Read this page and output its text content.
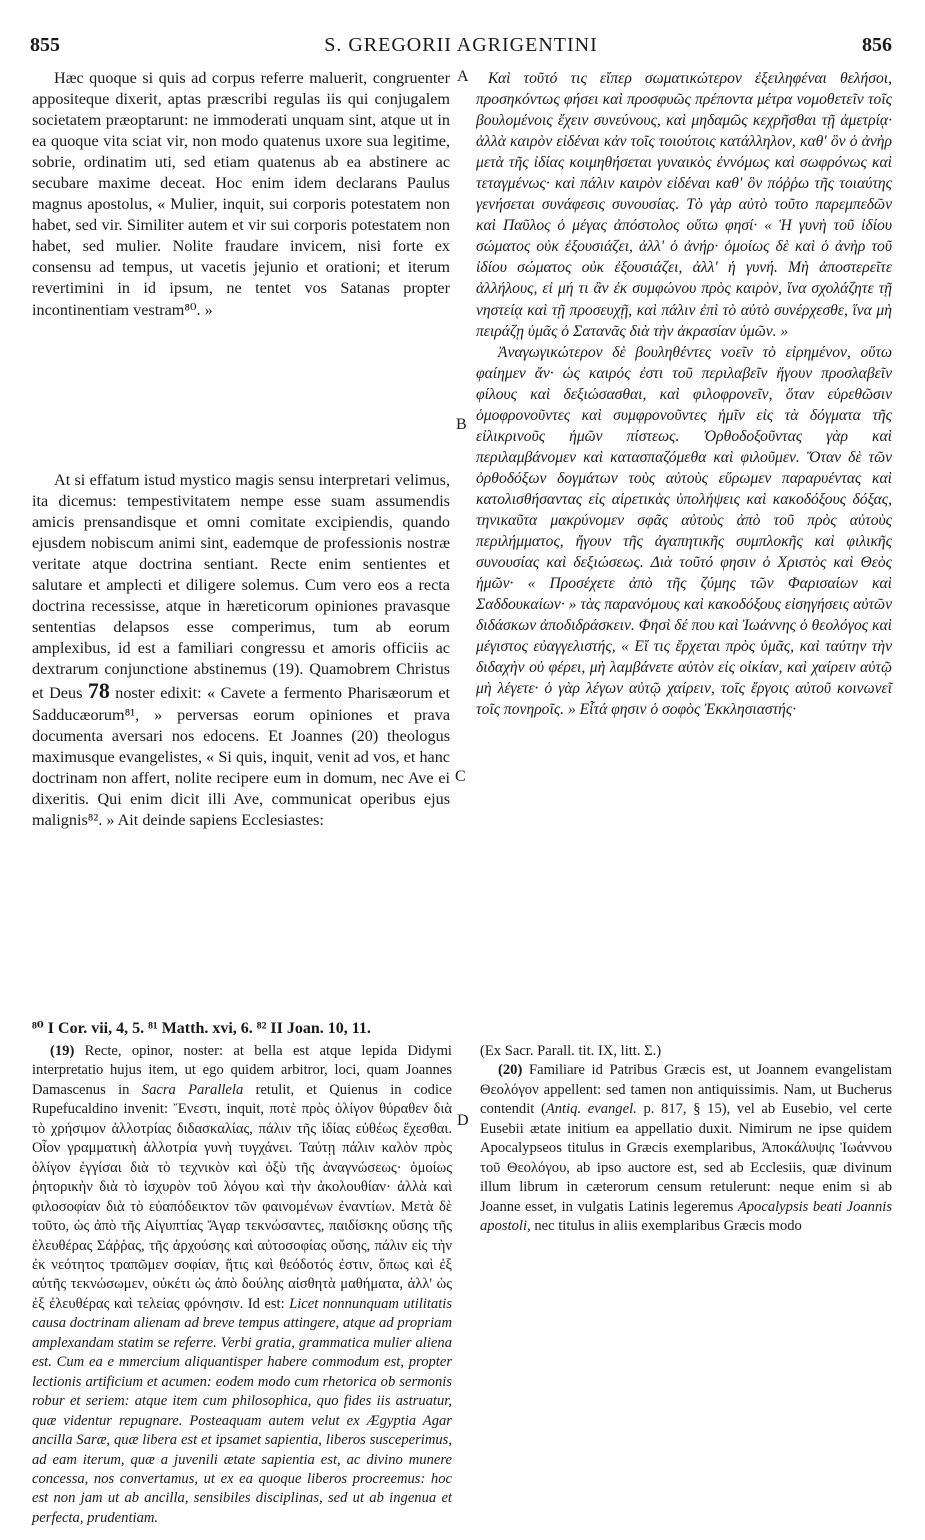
855	S. GREGORII AGRIGENTINI	856

Hæc quoque si quis ad corpus referre maluerit, congruenter appositeque dixerit, aptas præscribi regulas iis qui conjugalem societatem præoptarunt: ne immoderati unquam sint, atque ut in ea quoque vita sciat vir, non modo quatenus uxore sua legitime, sobrie, ordinatim uti, sed etiam quatenus ab ea abstinere ac secubare maxime deceat. Hoc enim idem declarans Paulus magnus apostolus, « Mulier, inquit, sui corporis potestatem non habet, sed vir. Similiter autem et vir sui corporis potestatem non habet, sed mulier. Nolite fraudare invicem, nisi forte ex consensu ad tempus, ut vacetis jejunio et orationi; et iterum revertimini in id ipsum, ne tentet vos Satanas propter incontinentiam vestram⁸⁰. »

At si effatum istud mystico magis sensu interpretari velimus, ita dicemus: tempestivitatem nempe esse suam assumendis amicis prensandisque et omni comitate excipiendis, quando ejusdem nobiscum animi sint, eademque de professionis nostræ veritate atque doctrina sentiant. Recte enim sentientes et salutare et amplecti et diligere solemus. Cum vero eos a recta doctrina recessisse, atque in hæreticorum opiniones pravasque sententias delapsos esse comperimus, tum ab eorum amplexibus, id est a familiari congressu et amoris officiis ac dextrarum conjunctione abstinemus (19). Quamobrem Christus et Deus 78 noster edixit: « Cavete a fermento Pharisæorum et Sadducæorum⁸¹, » perversas eorum opiniones et prava documenta aversari nos edocens. Et Joannes (20) theologus maximusque evangelistes, « Si quis, inquit, venit ad vos, et hanc doctrinam non affert, nolite recipere eum in domum, nec Ave ei dixeritis. Qui enim dicit illi Ave, communicat operibus ejus malignis⁸². » Ait deinde sapiens Ecclesiastes:

Καὶ τοῦτό τις εἴπερ σωματικώτερον ἐξειληφέναι θελήσοι, προσηκόντως φήσει καὶ προσφυῶς πρέποντα μέτρα νομοθετεῖν τοῖς βουλομένοις ἔχειν συνεύνους, καὶ μηδαμῶς κεχρῆσθαι τῇ ἀμετρίᾳ· ἀλλὰ καιρὸν εἰδέναι κἀν τοῖς τοιούτοις κατάλληλον, καθ' ὃν ὁ ἀνὴρ μετὰ τῆς ἰδίας κοιμηθήσεται γυναικὸς ἐννόμως καὶ σωφρόνως καὶ τεταγμένως· καὶ πάλιν καιρὸν εἰδέναι καθ' ὃν πόῤῥω τῆς τοιαύτης γενήσεται συνάφεσις συνουσίας. Τὸ γὰρ αὐτὸ τοῦτο παρεμπεδῶν καὶ Παῦλος ὁ μέγας ἀπόστολος οὕτω φησί· « Ἡ γυνὴ τοῦ ἰδίου σώματος οὐκ ἐξουσιάζει, ἀλλ' ὁ ἀνήρ· ὁμοίως δὲ καὶ ὁ ἀνὴρ τοῦ ἰδίου σώματος οὐκ ἐξουσιάζει, ἀλλ' ἡ γυνή. Μὴ ἀποστερεῖτε ἀλλήλους, εἰ μή τι ἂν ἐκ συμφώνου πρὸς καιρὸν, ἵνα σχολάζητε τῇ νηστείᾳ καὶ τῇ προσευχῇ, καὶ πάλιν ἐπὶ τὸ αὐτὸ συνέρχεσθε, ἵνα μὴ πειράζῃ ὑμᾶς ὁ Σατανᾶς διὰ τὴν ἀκρασίαν ὑμῶν. »

Ἀναγωγικώτερον δὲ βουληθέντες νοεῖν τὸ εἰρημένον, οὕτω φαίημεν ἄν· ὡς καιρός ἐστι τοῦ περιλαβεῖν ἤγουν προσλαβεῖν φίλους καὶ δεξιώσασθαι, καὶ φιλοφρονεῖν, ὅταν εὑρεθῶσιν ὁμοφρονοῦντες καὶ συμφρονοῦντες ἡμῖν εἰς τὰ δόγματα τῆς εἰλικρινοῦς ἡμῶν πίστεως. Ὀρθοδοξοῦντας γὰρ καὶ περιλαμβάνομεν καὶ κατασπαζόμεθα καὶ φιλοῦμεν. Ὅταν δὲ τῶν ὀρθοδόξων δογμάτων τοὺς αὐτοὺς εὕρωμεν παραρυέντας καὶ κατολισθήσαντας εἰς αἱρετικὰς ὑπολήψεις καὶ κακοδόξους δόξας, τηνικαῦτα μακρύνομεν σφᾶς αὐτοὺς ἀπὸ τοῦ πρὸς αὐτοὺς περιλήμματος, ἤγουν τῆς ἀγαπητικῆς συμπλοκῆς καὶ φιλικῆς συνουσίας καὶ δεξιώσεως. Διὰ τοῦτό φησιν ὁ Χριστὸς καὶ Θεὸς ἡμῶν· « Προσέχετε ἀπὸ τῆς ζύμης τῶν Φαρισαίων καὶ Σαδδουκαίων· » τὰς παρανόμους καὶ κακοδόξους εἰσηγήσεις αὐτῶν διδάσκων ἀποδιδράσκειν. Φησὶ δέ που καὶ Ἰωάννης ὁ θεολόγος καὶ μέγιστος εὐαγγελιστής, « Εἴ τις ἔρχεται πρὸς ὑμᾶς, καὶ ταύτην τὴν διδαχὴν οὐ φέρει, μὴ λαμβάνετε αὐτὸν εἰς οἰκίαν, καὶ χαίρειν αὐτῷ μὴ λέγετε· ὁ γὰρ λέγων αὐτῷ χαίρειν, τοῖς ἔργοις αὐτοῦ κοινωνεῖ τοῖς πονηροῖς. » Εἶτά φησιν ὁ σοφὸς Ἐκκλησιαστής·

A
B
C
D
⁸⁰ I Cor. vii, 4, 5. ⁸¹ Matth. xvi, 6. ⁸² II Joan. 10, 11.

(19) Recte, opinor, noster: at bella est atque lepida Didymi interpretatio hujus item, ut ego quidem arbitror, loci, quam Joannes Damascenus in Sacra Parallela retulit, et Quienus in codice Rupefucaldino invenit: Ἔνεστι, inquit, ποτὲ πρὸς ὀλίγον θύραθεν διὰ τὸ χρήσιμον ἀλλοτρίας διδασκαλίας, πάλιν τῆς ἰδίας εὐθέως ἔχεσθαι. Οἷον γραμματικὴ ἀλλοτρία γυνὴ τυγχάνει. Ταύτῃ πάλιν καλὸν πρὸς ὀλίγον ἐγγίσαι διὰ τὸ τεχνικὸν καὶ ὀξὺ τῆς ἀναγνώσεως· ὁμοίως ῥητορικὴν διὰ τὸ ἰσχυρὸν τοῦ λόγου καὶ τὴν ἀκολουθίαν· ἀλλὰ καὶ φιλοσοφίαν διὰ τὸ εὐαπόδεικτον τῶν φαινομένων ἐναντίων. Μετὰ δὲ τοῦτο, ὡς ἀπὸ τῆς Αἰγυπτίας Ἄγαρ τεκνώσαντες, παιδίσκης οὔσης τῆς ἐλευθέρας Σάῤῥας, τῆς ἀρχούσης καὶ αὐτοσοφίας οὔσης, πάλιν εἰς τὴν ἐκ νεότητος τραπῶμεν σοφίαν, ἥτις καὶ θεόδοτός ἐστιν, ὅπως καὶ ἐξ αὐτῆς τεκνώσωμεν, οὐκέτι ὡς ἀπὸ δούλης αἰσθητὰ μαθήματα, ἀλλ' ὡς ἐξ ἐλευθέρας καὶ τελείας φρόνησιν. Id est: Licet nonnunquam utilitatis causa doctrinam alienam ad breve tempus attingere, atque ad propriam amplexandam statim se referre. Verbi gratia, grammatica mulier aliena est. Cum ea e mmercium aliquantisper habere commodum est, propter lectionis artificium et acumen: eodem modo cum rhetorica ob sermonis robur et seriem: atque item cum philosophica, quo fides iis astruatur, quæ videntur repugnare. Posteaquam autem velut ex Ægyptia Agar ancilla Saræ, quæ libera est et ipsamet sapientia, liberos susceperimus, ad eam iterum, quæ a juvenili ætate sapientia est, ac divino munere concessa, nos convertamus, ut ex ea quoque liberos procreemus: hoc est non jam ut ab ancilla, sensibiles disciplinas, sed ut ab ingenua et perfecta, prudentiam.

(Ex Sacr. Parall. tit. IX, litt. Σ.)

(20) Familiare id Patribus Græcis est, ut Joannem evangelistam Θεολόγον appellent: sed tamen non antiquissimis. Nam, ut Bucherus contendit (Antiq. evangel. p. 817, § 15), vel ab Eusebio, vel certe Eusebii ætate initium ea appellatio duxit. Nimirum ne ipse quidem Apocalypseos titulus in Græcis exemplaribus, Ἀποκάλυψις Ἰωάννου τοῦ Θεολόγου, ab ipso auctore est, sed ab Ecclesiis, quæ divinum illum librum in cæterorum censum retulerunt: neque enim si ab Joanne esset, in vulgatis Latinis legeremus Apocalypsis beati Joannis apostoli, nec titulus in aliis exemplaribus Græcis modo
